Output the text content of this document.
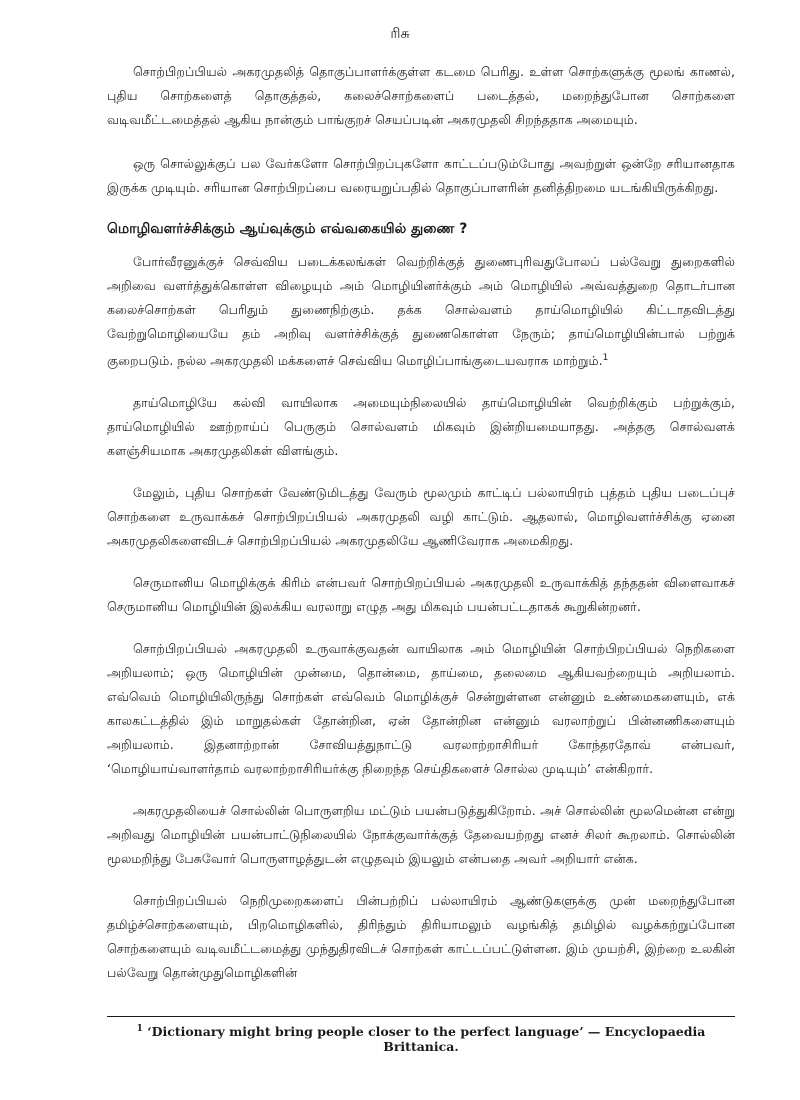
ரிசு

சொற்பிறப்பியல் அகரமுதலித் தொகுப்பாளர்க்குள்ள கடமை பெரிது. உள்ள சொற்களுக்கு மூலங் காணல், புதிய சொற்களைத் தொகுத்தல், கலைச்சொற்களைப் படைத்தல், மறைந்துபோன சொற்களை வடிவமீட்டமைத்தல் ஆகிய நான்கும் பாங்குறச் செயப்படின் அகரமுதலி சிறந்ததாக அமையும்.

ஒரு சொல்லுக்குப் பல வேர்களோ சொற்பிறப்புகளோ காட்டப்படும்போது அவற்றுள் ஒன்றே சரியானதாக இருக்க முடியும். சரியான சொற்பிறப்பை வரையறுப்பதில் தொகுப்பாளரின் தனித்திறமை யடங்கியிருக்கிறது.

மொழிவளர்ச்சிக்கும் ஆய்வுக்கும் எவ்வகையில் துணை ?

போர்வீரனுக்குச் செவ்விய படைக்கலங்கள் வெற்றிக்குத் துணைபுரிவதுபோலப் பல்வேறு துறைகளில் அறிவை வளர்த்துக்கொள்ள விழையும் அம் மொழியினர்க்கும் அம் மொழியில் அவ்வத்துறை தொடர்பான கலைச்சொற்கள் பெரிதும் துணைநிற்கும். தக்க சொல்வளம் தாய்மொழியில் கிட்டாதவிடத்து வேற்றுமொழியையே தம் அறிவு வளர்ச்சிக்குத் துணைகொள்ள நேரும்; தாய்மொழியின்பால் பற்றுக் குறைபடும். நல்ல அகரமுதலி மக்களைச் செவ்விய மொழிப்பாங்குடையவராக மாற்றும்.$^1$

தாய்மொழியே கல்வி வாயிலாக அமையும்நிலையில் தாய்மொழியின் வெற்றிக்கும் பற்றுக்கும், தாய்மொழியில் ஊற்றாய்ப் பெருகும் சொல்வளம் மிகவும் இன்றியமையாதது. அத்தகு சொல்வளக் களஞ்சியமாக அகரமுதலிகள் விளங்கும்.

மேலும், புதிய சொற்கள் வேண்டுமிடத்து வேரும் மூலமும் காட்டிப் பல்லாயிரம் புத்தம் புதிய படைப்புச் சொற்களை உருவாக்கச் சொற்பிறப்பியல் அகரமுதலி வழி காட்டும். ஆதலால், மொழிவளர்ச்சிக்கு ஏனை அகரமுதலிகளைவிடச் சொற்பிறப்பியல் அகரமுதலியே ஆணிவேராக அமைகிறது.

செருமானிய மொழிக்குக் கிரிம் என்பவர் சொற்பிறப்பியல் அகரமுதலி உருவாக்கித் தந்ததன் விளைவாகச் செருமானிய மொழியின் இலக்கிய வரலாறு எழுத அது மிகவும் பயன்பட்டதாகக் கூறுகின்றனர்.

சொற்பிறப்பியல் அகரமுதலி உருவாக்குவதன் வாயிலாக அம் மொழியின் சொற்பிறப்பியல் நெறிகளை அறியலாம்; ஒரு மொழியின் முன்மை, தொன்மை, தாய்மை, தலைமை ஆகியவற்றையும் அறியலாம். எவ்வெம் மொழியிலிருந்து சொற்கள் எவ்வெம் மொழிக்குச் சென்றுள்ளன என்னும் உண்மைகளையும், எக் காலகட்டத்தில் இம் மாறுதல்கள் தோன்றின, ஏன் தோன்றின என்னும் வரலாற்றுப் பின்னணிகளையும் அறியலாம். இதனாற்றான் சோவியத்துநாட்டு வரலாற்றாசிரியர் கோந்தரதோவ் என்பவர், ‘மொழியாய்வாளர்தாம் வரலாற்றாசிரியர்க்கு நிறைந்த செய்திகளைச் சொல்ல முடியும்’ என்கிறார்.

அகரமுதலியைச் சொல்லின் பொருளறிய மட்டும் பயன்படுத்துகிறோம். அச் சொல்லின் மூலமென்ன என்று அறிவது மொழியின் பயன்பாட்டுநிலையில் நோக்குவார்க்குத் தேவையற்றது எனச் சிலர் கூறலாம். சொல்லின் மூலமறிந்து பேசுவோர் பொருளாழத்துடன் எழுதவும் இயலும் என்பதை அவர் அறியார் என்க.

சொற்பிறப்பியல் நெறிமுறைகளைப் பின்பற்றிப் பல்லாயிரம் ஆண்டுகளுக்கு முன் மறைந்துபோன தமிழ்ச்சொற்களையும், பிறமொழிகளில், திரிந்தும் திரியாமலும் வழங்கித் தமிழில் வழக்கற்றுப்போன சொற்களையும் வடிவமீட்டமைத்து முந்துதிரவிடச் சொற்கள் காட்டப்பட்டுள்ளன. இம் முயற்சி, இற்றை உலகின் பல்வேறு தொன்முதுமொழிகளின்

$^1$ ‘Dictionary might bring people closer to the perfect language’ — Encyclopaedia Brittanica.
